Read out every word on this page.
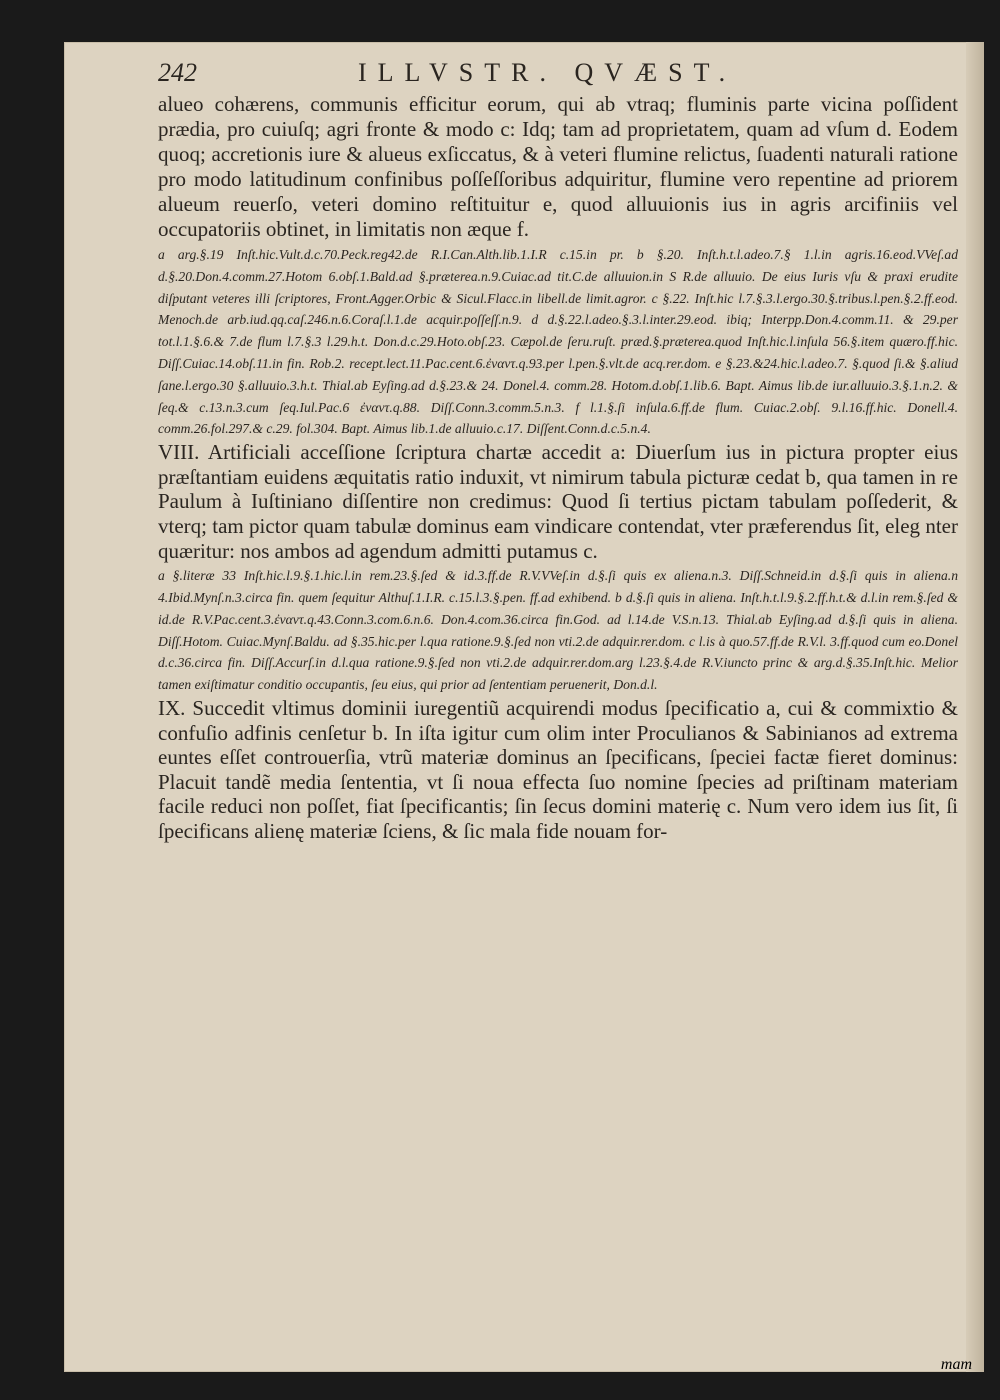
242	ILLVSTR. QVÆST.

alueo cohærens, communis efficitur eorum, qui ab vtraq; fluminis parte vicina poſſident prædia, pro cuiuſq; agri fronte & modo c: Idq; tam ad proprietatem, quam ad vſum d. Eodem quoq; accretionis iure & alueus exſiccatus, & à veteri flumine relictus, ſuadenti naturali ratione pro modo latitudinum confinibus poſſeſſoribus adquiritur, flumine vero repentine ad priorem alueum reuerſo, veteri domino reſtituitur e, quod alluuionis ius in agris arcifiniis vel occupatoriis obtinet, in limitatis non æque f.

a arg.§.19 Inſt.hic.Vult.d.c.70.Peck.reg42.de R.I.Can.Alth.lib.1.I.R c.15.in pr. b §.20. Inſt.h.t.l.adeo.7.§ 1.l.in agris.16.eod.VVeſ.ad d.§.20.Don.4.comm.27.Hotom 6.obſ.1.Bald.ad §.præterea.n.9.Cuiac.ad tit.C.de alluuion.in S R.de alluuio. De eius Iuris vſu & praxi erudite diſputant veteres illi ſcriptores, Front.Agger.Orbic & Sicul.Flacc.in libell.de limit.agror. c §.22. Inſt.hic l.7.§.3.l.ergo.30.§.tribus.l.pen.§.2.ff.eod. Menoch.de arb.iud.qq.caſ.246.n.6.Coraſ.l.1.de acquir.poſſeſſ.n.9. d d.§.22.l.adeo.§.3.l.inter.29.eod. ibiq; Interpp.Don.4.comm.11. & 29.per tot.l.1.§.6.& 7.de flum l.7.§.3 l.29.h.t. Don.d.c.29.Hoto.obſ.23. Cæpol.de ſeru.ruſt. præd.§.præterea.quod Inſt.hic.l.inſula 56.§.item quæro.ff.hic. Diſſ.Cuiac.14.obſ.11.in fin. Rob.2. recept.lect.11.Pac.cent.6.ἐναντ.q.93.per l.pen.§.vlt.de acq.rer.dom. e §.23.&24.hic.l.adeo.7. §.quod ſi.& §.aliud ſane.l.ergo.30 §.alluuio.3.h.t. Thial.ab Eyſing.ad d.§.23.& 24. Donel.4. comm.28. Hotom.d.obſ.1.lib.6. Bapt. Aimus lib.de iur.alluuio.3.§.1.n.2. & ſeq.& c.13.n.3.cum ſeq.Iul.Pac.6 ἐναντ.q.88. Diſſ.Conn.3.comm.5.n.3. f l.1.§.ſi inſula.6.ff.de flum. Cuiac.2.obſ. 9.l.16.ff.hic. Donell.4. comm.26.fol.297.& c.29. fol.304. Bapt. Aimus lib.1.de alluuio.c.17. Diſſent.Conn.d.c.5.n.4.

VIII. Artificiali acceſſione ſcriptura chartæ accedit a: Diuerſum ius in pictura propter eius præſtantiam euidens æquitatis ratio induxit, vt nimirum tabula picturæ cedat b, qua tamen in re Paulum à Iuſtiniano diſſentire non credimus: Quod ſi tertius pictam tabulam poſſederit, & vterq; tam pictor quam tabulæ dominus eam vindicare contendat, vter præferendus ſit, eleg nter quæritur: nos ambos ad agendum admitti putamus c.

a §.literæ 33 Inſt.hic.l.9.§.1.hic.l.in rem.23.§.ſed & id.3.ff.de R.V.VVeſ.in d.§.ſi quis ex aliena.n.3. Diſſ.Schneid.in d.§.ſi quis in aliena.n 4.Ibid.Mynſ.n.3.circa fin. quem ſequitur Althuſ.1.I.R. c.15.l.3.§.pen. ff.ad exhibend. b d.§.ſi quis in aliena. Inſt.h.t.l.9.§.2.ff.h.t.& d.l.in rem.§.ſed & id.de R.V.Pac.cent.3.ἐναντ.q.43.Conn.3.com.6.n.6. Don.4.com.36.circa fin.God. ad l.14.de V.S.n.13. Thial.ab Eyſing.ad d.§.ſi quis in aliena. Diſſ.Hotom. Cuiac.Mynſ.Baldu. ad §.35.hic.per l.qua ratione.9.§.ſed non vti.2.de adquir.rer.dom. c l.is à quo.57.ff.de R.V.l. 3.ff.quod cum eo.Donel d.c.36.circa fin. Diſſ.Accurſ.in d.l.qua ratione.9.§.ſed non vti.2.de adquir.rer.dom.arg l.23.§.4.de R.V.iuncto princ & arg.d.§.35.Inſt.hic. Melior tamen exiſtimatur conditio occupantis, ſeu eius, qui prior ad ſententiam peruenerit, Don.d.l.

IX. Succedit vltimus dominii iuregentiũ acquirendi modus ſpecificatio a, cui & commixtio & confuſio adfinis cenſetur b. In iſta igitur cum olim inter Proculianos & Sabinianos ad extrema euntes eſſet controuerſia, vtrũ materiæ dominus an ſpecificans, ſpeciei factæ fieret dominus: Placuit tandẽ media ſententia, vt ſi noua effecta ſuo nomine ſpecies ad priſtinam materiam facile reduci non poſſet, fiat ſpecificantis; ſin ſecus domini materię c. Num vero idem ius ſit, ſi ſpecificans alienę materiæ ſciens, & ſic mala fide nouam for-

mam
